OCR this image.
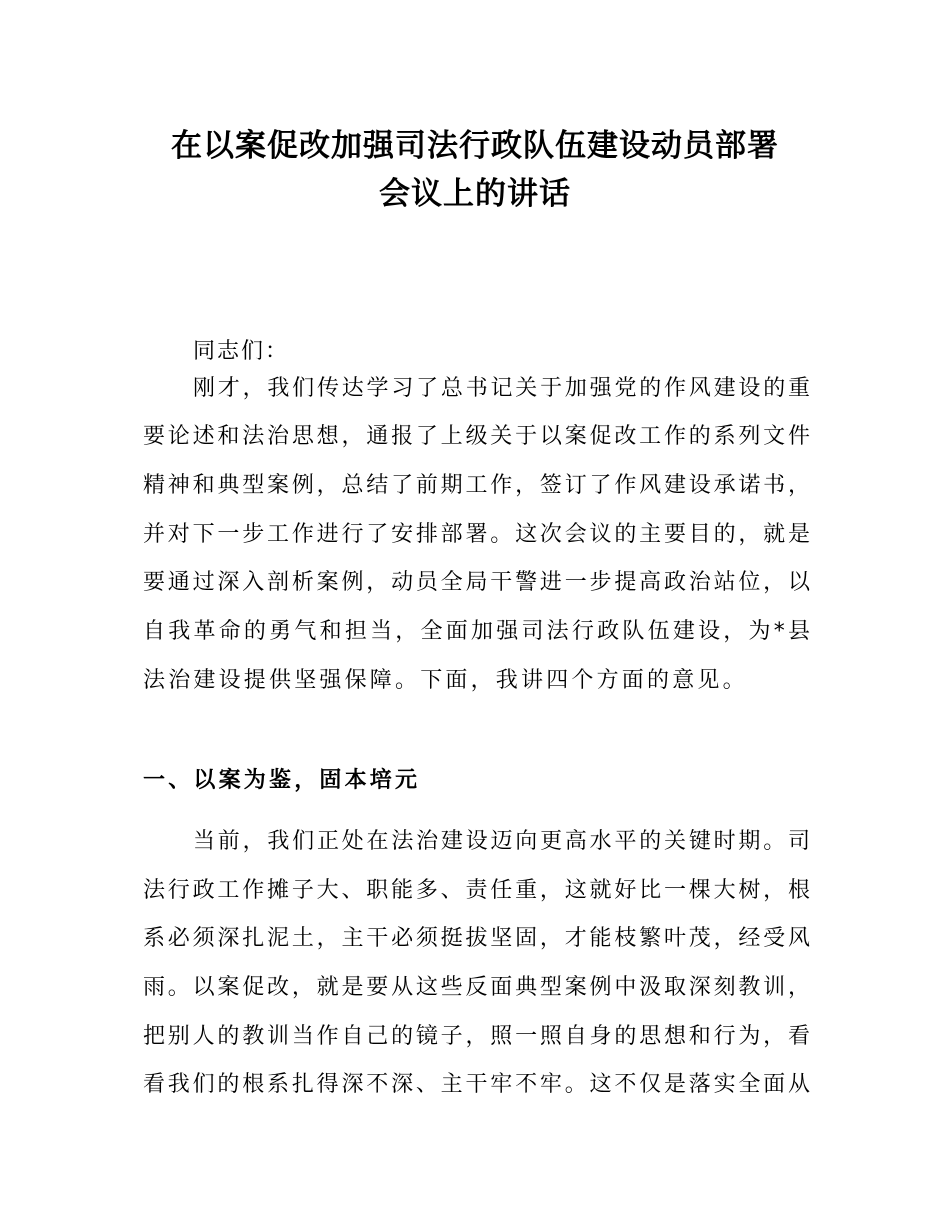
在以案促改加强司法行政队伍建设动员部署
会议上的讲话
同志们：
刚才，我们传达学习了总书记关于加强党的作风建设的重
要论述和法治思想，通报了上级关于以案促改工作的系列文件
精神和典型案例，总结了前期工作，签订了作风建设承诺书，
并对下一步工作进行了安排部署。这次会议的主要目的，就是
要通过深入剖析案例，动员全局干警进一步提高政治站位，以
自我革命的勇气和担当，全面加强司法行政队伍建设，为*县
法治建设提供坚强保障。下面，我讲四个方面的意见。
一、以案为鉴，固本培元
当前，我们正处在法治建设迈向更高水平的关键时期。司
法行政工作摊子大、职能多、责任重，这就好比一棵大树，根
系必须深扎泥土，主干必须挺拔坚固，才能枝繁叶茂，经受风
雨。以案促改，就是要从这些反面典型案例中汲取深刻教训，
把别人的教训当作自己的镜子，照一照自身的思想和行为，看
看我们的根系扎得深不深、主干牢不牢。这不仅是落实全面从
